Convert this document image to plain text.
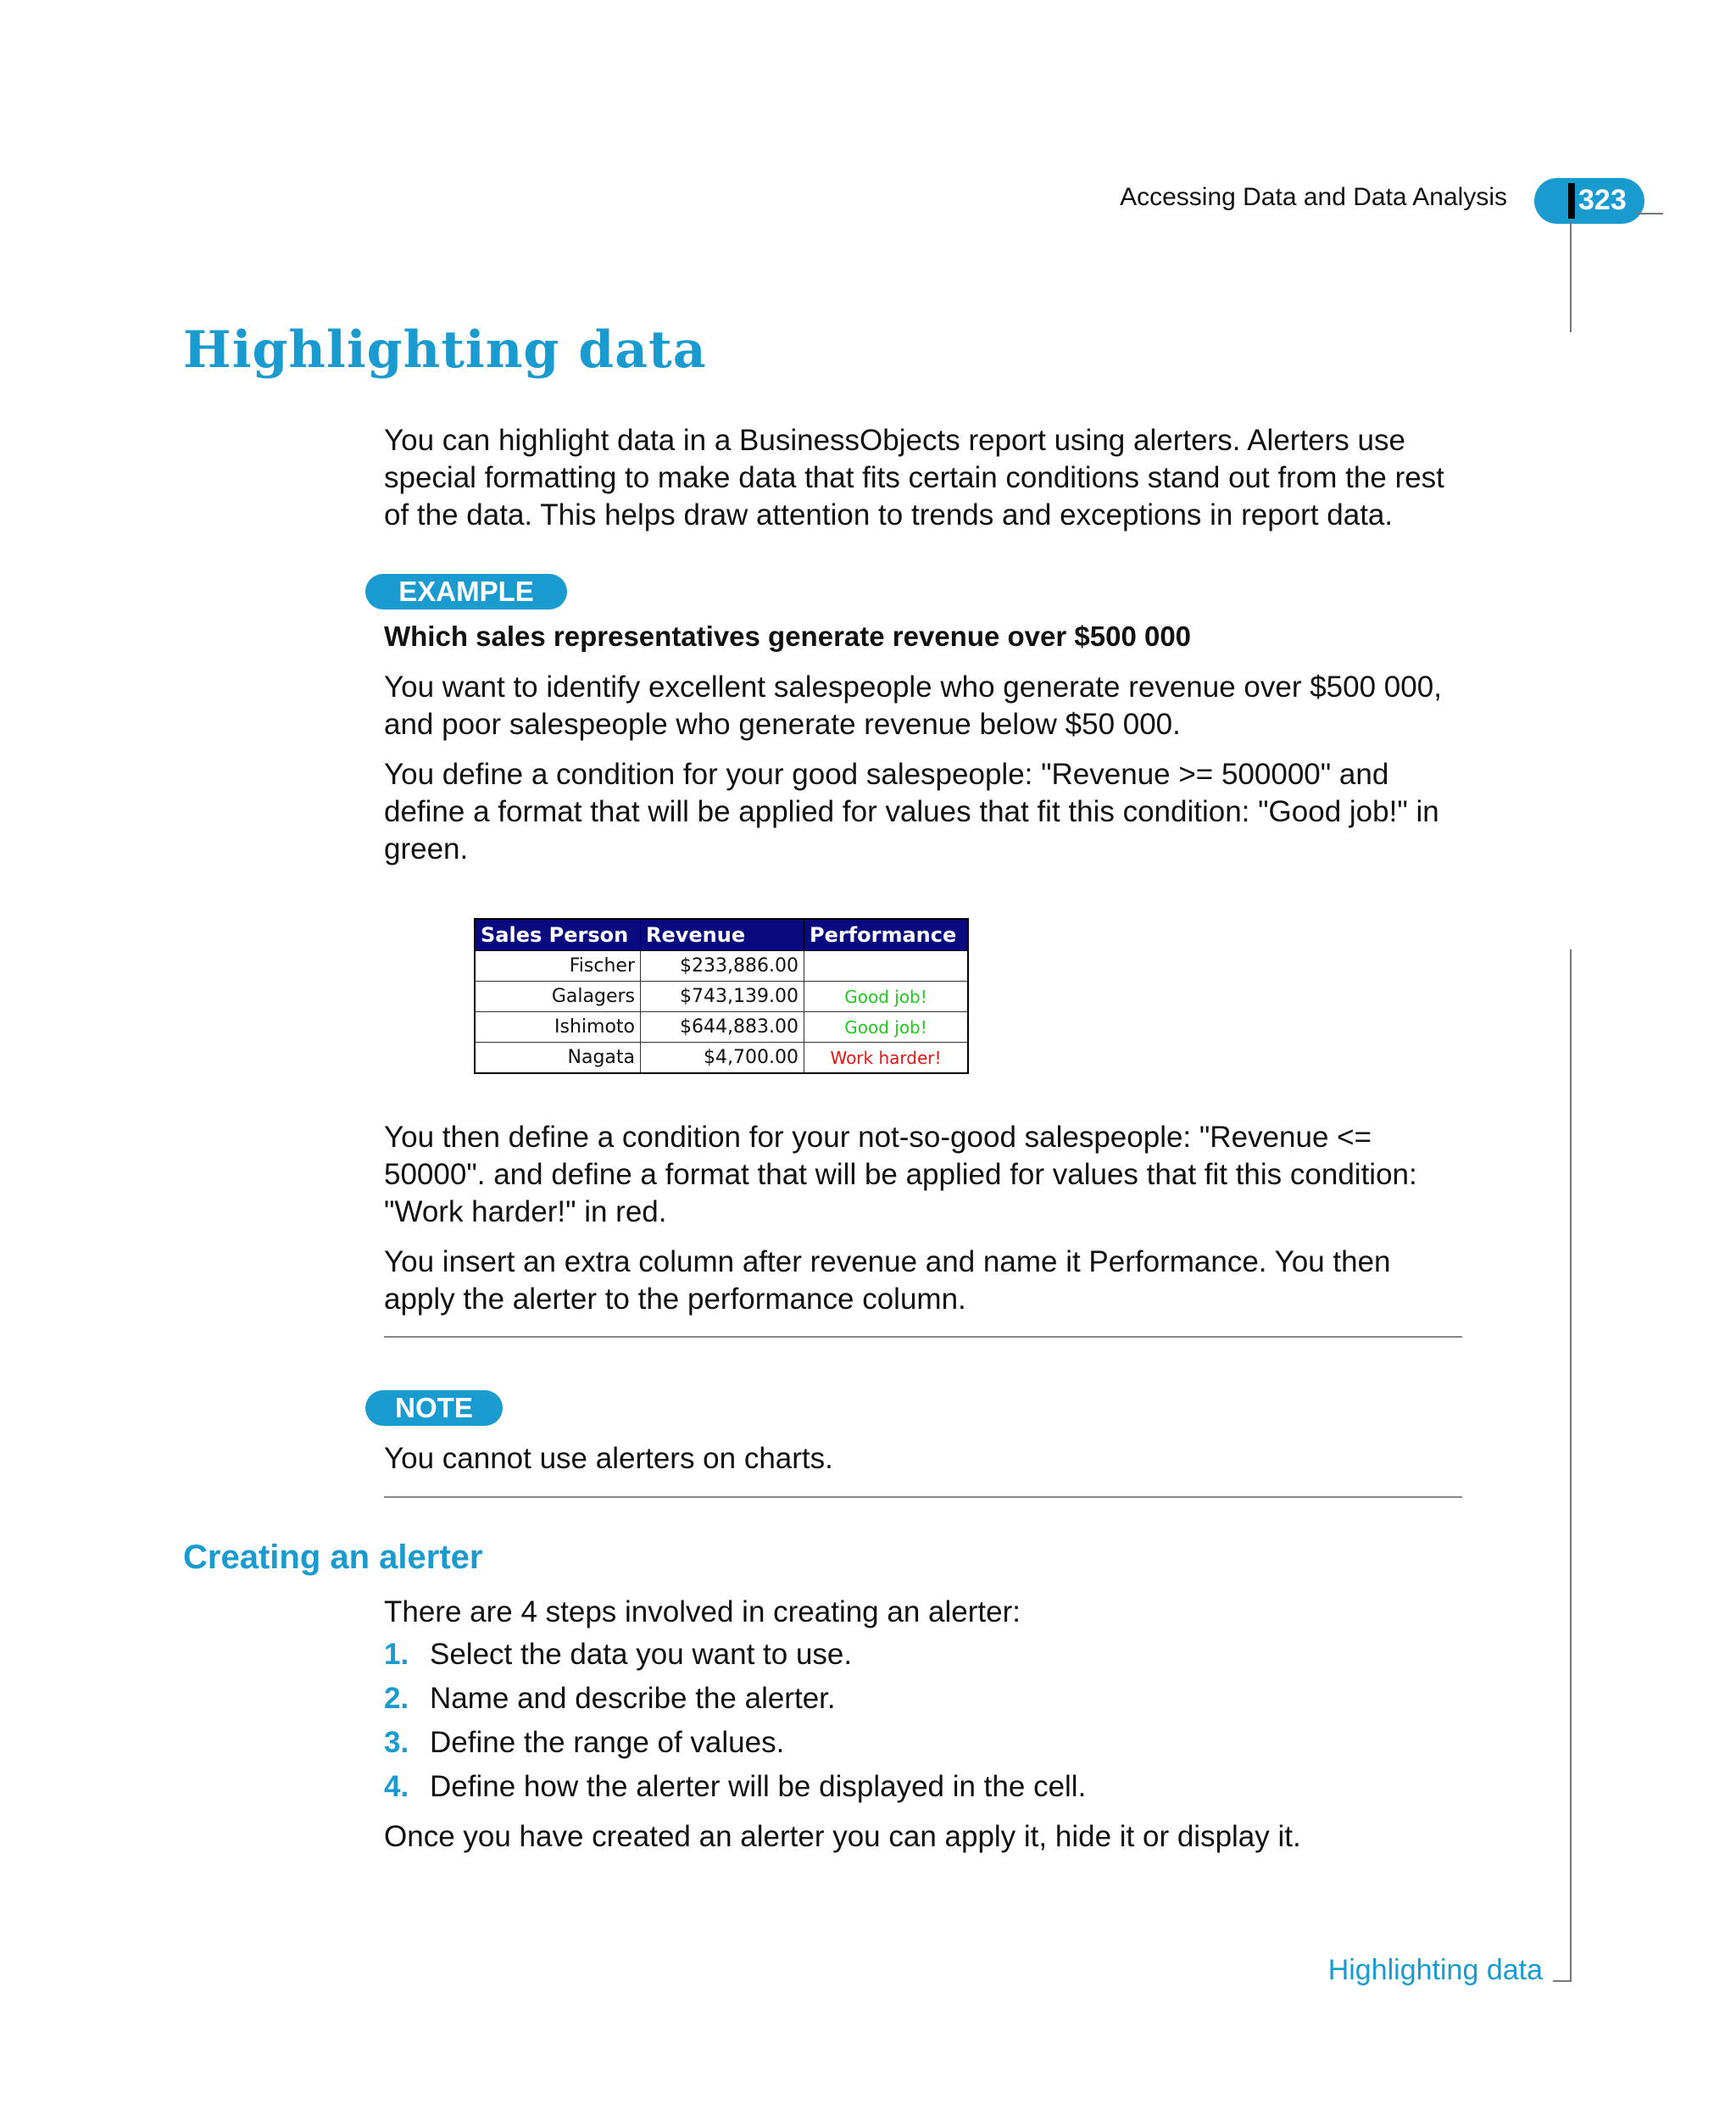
Accessing Data and Data Analysis 323
Highlighting data

You can highlight data in a BusinessObjects report using alerters. Alerters use special formatting to make data that fits certain conditions stand out from the rest of the data. This helps draw attention to trends and exceptions in report data.

EXAMPLE
Which sales representatives generate revenue over $500 000

You want to identify excellent salespeople who generate revenue over $500 000, and poor salespeople who generate revenue below $50 000.

You define a condition for your good salespeople: "Revenue >= 500000" and define a format that will be applied for values that fit this condition: "Good job!" in green.

Sales Person	Revenue	Performance
Fischer	$233,886.00	
Galagers	$743,139.00	Good job!
Ishimoto	$644,883.00	Good job!
Nagata	$4,700.00	Work harder!

You then define a condition for your not-so-good salespeople: "Revenue <= 50000". and define a format that will be applied for values that fit this condition: "Work harder!" in red.

You insert an extra column after revenue and name it Performance. You then apply the alerter to the performance column.

NOTE

You cannot use alerters on charts.

Creating an alerter

There are 4 steps involved in creating an alerter:

1. Select the data you want to use.
2. Name and describe the alerter.
3. Define the range of values.
4. Define how the alerter will be displayed in the cell.

Once you have created an alerter you can apply it, hide it or display it.

Highlighting data
